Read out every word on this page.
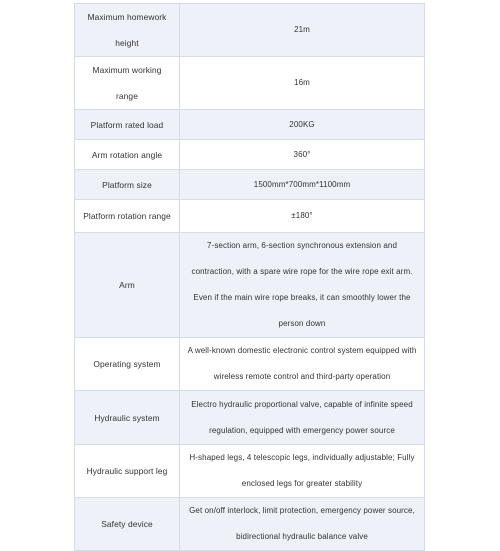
Maximum homework height	21m
Maximum working range	16m
Platform rated load	200KG
Arm rotation angle	360°
Platform size	1500mm*700mm*1100mm
Platform rotation range	±180°
Arm	7-section arm, 6-section synchronous extension and contraction, with a spare wire rope for the wire rope exit arm. Even if the main wire rope breaks, it can smoothly lower the person down
Operating system	A well-known domestic electronic control system equipped with wireless remote control and third-party operation
Hydraulic system	Electro hydraulic proportional valve, capable of infinite speed regulation, equipped with emergency power source
Hydraulic support leg	H-shaped legs, 4 telescopic legs, individually adjustable; Fully enclosed legs for greater stability
Safety device	Get on/off interlock, limit protection, emergency power source, bidirectional hydraulic balance valve
